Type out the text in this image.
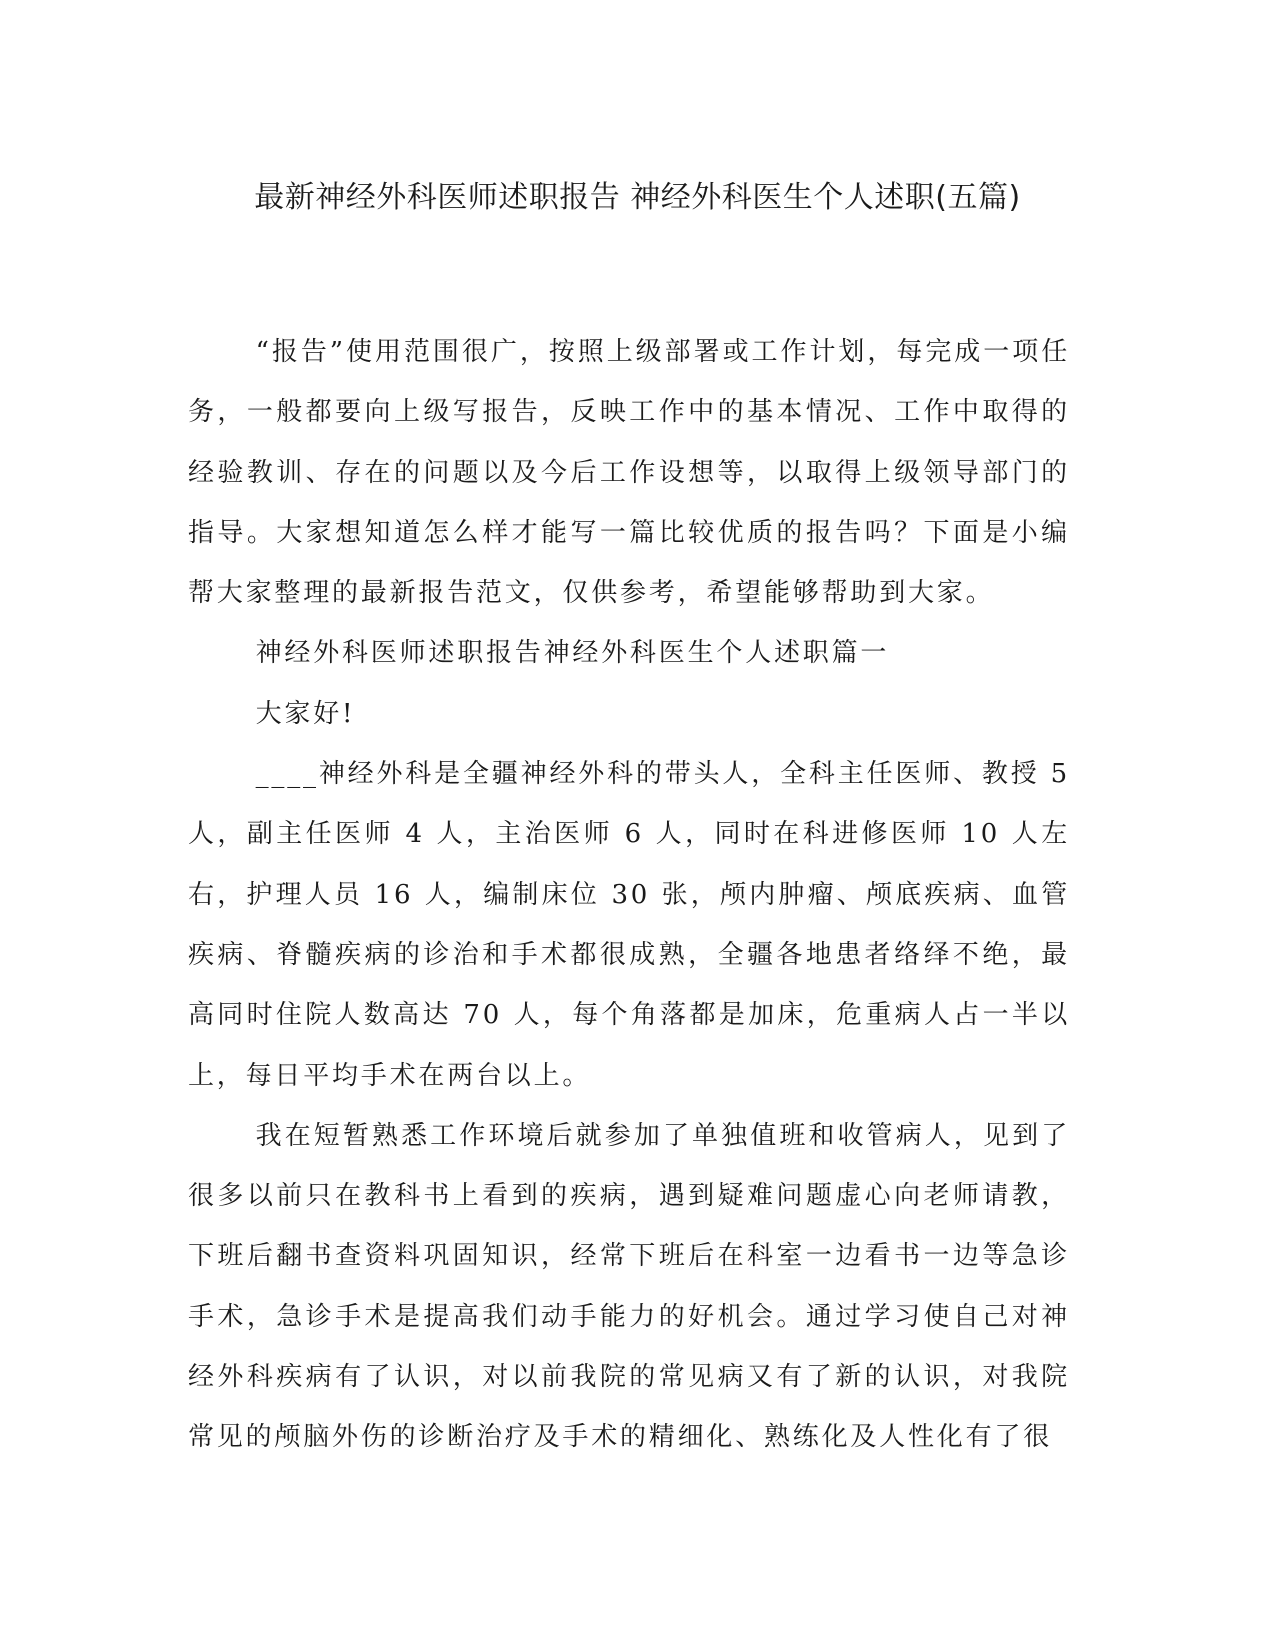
最新神经外科医师述职报告 神经外科医生个人述职(五篇)

“报告”使用范围很广，按照上级部署或工作计划，每完成一项任务，一般都要向上级写报告，反映工作中的基本情况、工作中取得的经验教训、存在的问题以及今后工作设想等，以取得上级领导部门的指导。大家想知道怎么样才能写一篇比较优质的报告吗？下面是小编帮大家整理的最新报告范文，仅供参考，希望能够帮助到大家。

神经外科医师述职报告神经外科医生个人述职篇一

大家好!

____神经外科是全疆神经外科的带头人，全科主任医师、教授 5 人，副主任医师 4 人，主治医师 6 人，同时在科进修医师 10 人左右，护理人员 16 人，编制床位 30 张，颅内肿瘤、颅底疾病、血管疾病、脊髓疾病的诊治和手术都很成熟，全疆各地患者络绎不绝，最高同时住院人数高达 70 人，每个角落都是加床，危重病人占一半以上，每日平均手术在两台以上。

我在短暂熟悉工作环境后就参加了单独值班和收管病人，见到了很多以前只在教科书上看到的疾病，遇到疑难问题虚心向老师请教，下班后翻书查资料巩固知识，经常下班后在科室一边看书一边等急诊手术，急诊手术是提高我们动手能力的好机会。通过学习使自己对神经外科疾病有了认识，对以前我院的常见病又有了新的认识，对我院常见的颅脑外伤的诊断治疗及手术的精细化、熟练化及人性化有了很
